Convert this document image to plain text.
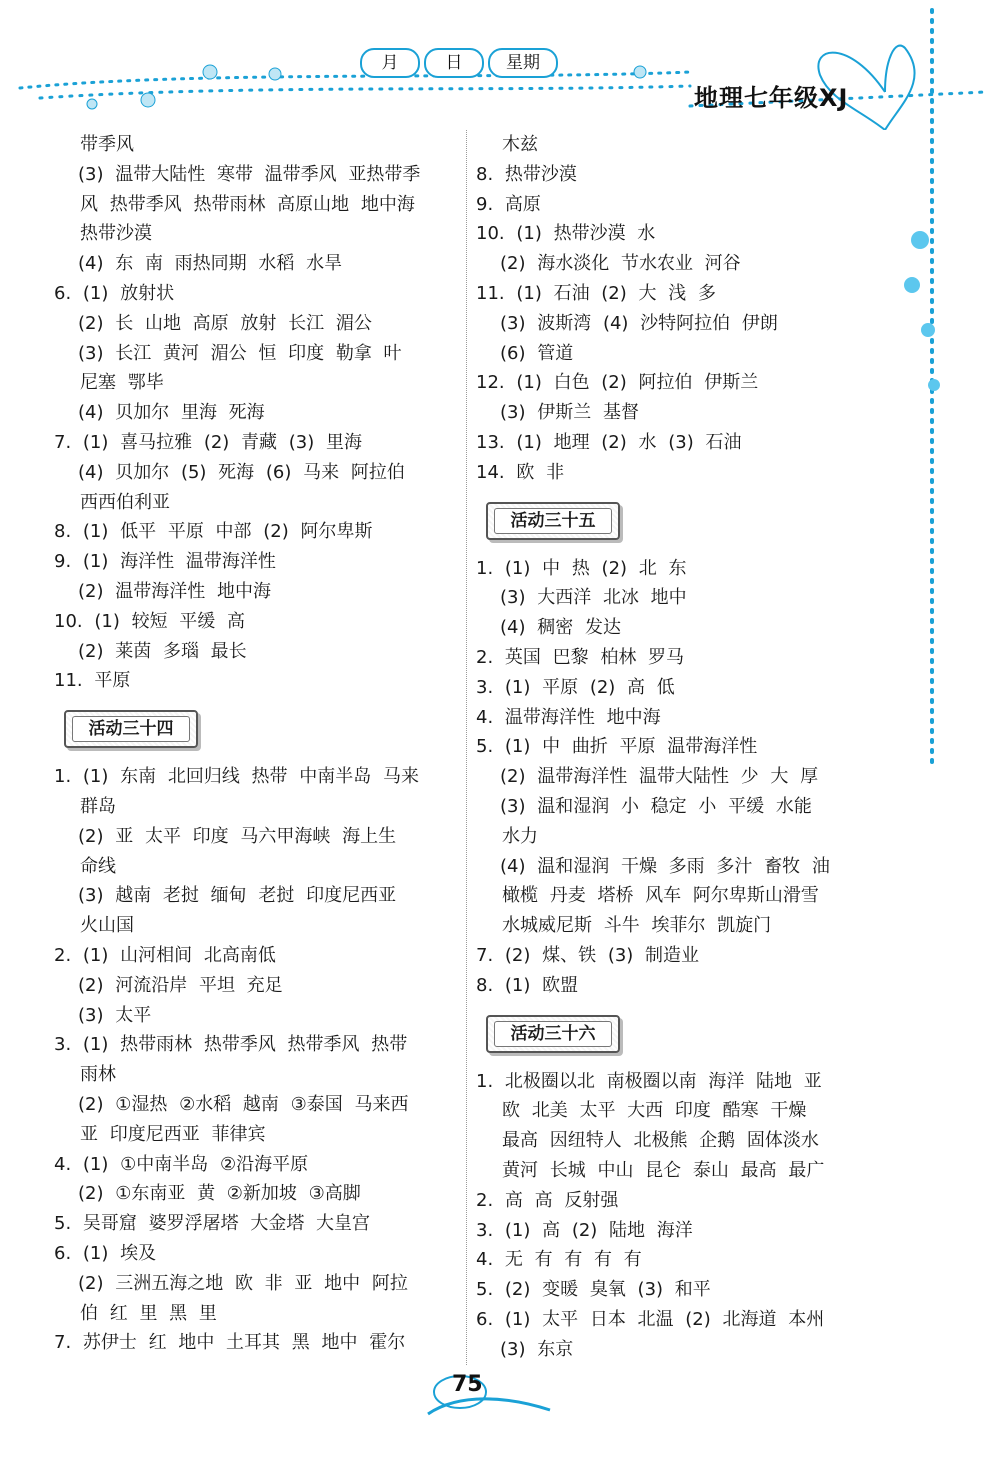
月	日	星期
地理七年级XJ
带季风
(3) 温带大陆性 寒带 温带季风 亚热带季
风 热带季风 热带雨林 高原山地 地中海
热带沙漠
(4) 东 南 雨热同期 水稻 水旱
6. (1) 放射状
(2) 长 山地 高原 放射 长江 湄公
(3) 长江 黄河 湄公 恒 印度 勒拿 叶
尼塞 鄂毕
(4) 贝加尔 里海 死海
7. (1) 喜马拉雅 (2) 青藏 (3) 里海
(4) 贝加尔 (5) 死海 (6) 马来 阿拉伯
西西伯利亚
8. (1) 低平 平原 中部 (2) 阿尔卑斯
9. (1) 海洋性 温带海洋性
(2) 温带海洋性 地中海
10. (1) 较短 平缓 高
(2) 莱茵 多瑙 最长
11. 平原
活动三十四
1. (1) 东南 北回归线 热带 中南半岛 马来
群岛
(2) 亚 太平 印度 马六甲海峡 海上生
命线
(3) 越南 老挝 缅甸 老挝 印度尼西亚
火山国
2. (1) 山河相间 北高南低
(2) 河流沿岸 平坦 充足
(3) 太平
3. (1) 热带雨林 热带季风 热带季风 热带
雨林
(2) ①湿热 ②水稻 越南 ③泰国 马来西
亚 印度尼西亚 菲律宾
4. (1) ①中南半岛 ②沿海平原
(2) ①东南亚 黄 ②新加坡 ③高脚
5. 吴哥窟 婆罗浮屠塔 大金塔 大皇宫
6. (1) 埃及
(2) 三洲五海之地 欧 非 亚 地中 阿拉
伯 红 里 黑 里
7. 苏伊士 红 地中 土耳其 黑 地中 霍尔
木兹
8. 热带沙漠
9. 高原
10. (1) 热带沙漠 水
(2) 海水淡化 节水农业 河谷
11. (1) 石油 (2) 大 浅 多
(3) 波斯湾 (4) 沙特阿拉伯 伊朗
(6) 管道
12. (1) 白色 (2) 阿拉伯 伊斯兰
(3) 伊斯兰 基督
13. (1) 地理 (2) 水 (3) 石油
14. 欧 非
活动三十五
1. (1) 中 热 (2) 北 东
(3) 大西洋 北冰 地中
(4) 稠密 发达
2. 英国 巴黎 柏林 罗马
3. (1) 平原 (2) 高 低
4. 温带海洋性 地中海
5. (1) 中 曲折 平原 温带海洋性
(2) 温带海洋性 温带大陆性 少 大 厚
(3) 温和湿润 小 稳定 小 平缓 水能
水力
(4) 温和湿润 干燥 多雨 多汁 畜牧 油
橄榄 丹麦 塔桥 风车 阿尔卑斯山滑雪
水城威尼斯 斗牛 埃菲尔 凯旋门
7. (2) 煤、铁 (3) 制造业
8. (1) 欧盟
活动三十六
1. 北极圈以北 南极圈以南 海洋 陆地 亚
欧 北美 太平 大西 印度 酷寒 干燥
最高 因纽特人 北极熊 企鹅 固体淡水
黄河 长城 中山 昆仑 泰山 最高 最广
2. 高 高 反射强
3. (1) 高 (2) 陆地 海洋
4. 无 有 有 有 有
5. (2) 变暖 臭氧 (3) 和平
6. (1) 太平 日本 北温 (2) 北海道 本州
(3) 东京
75
